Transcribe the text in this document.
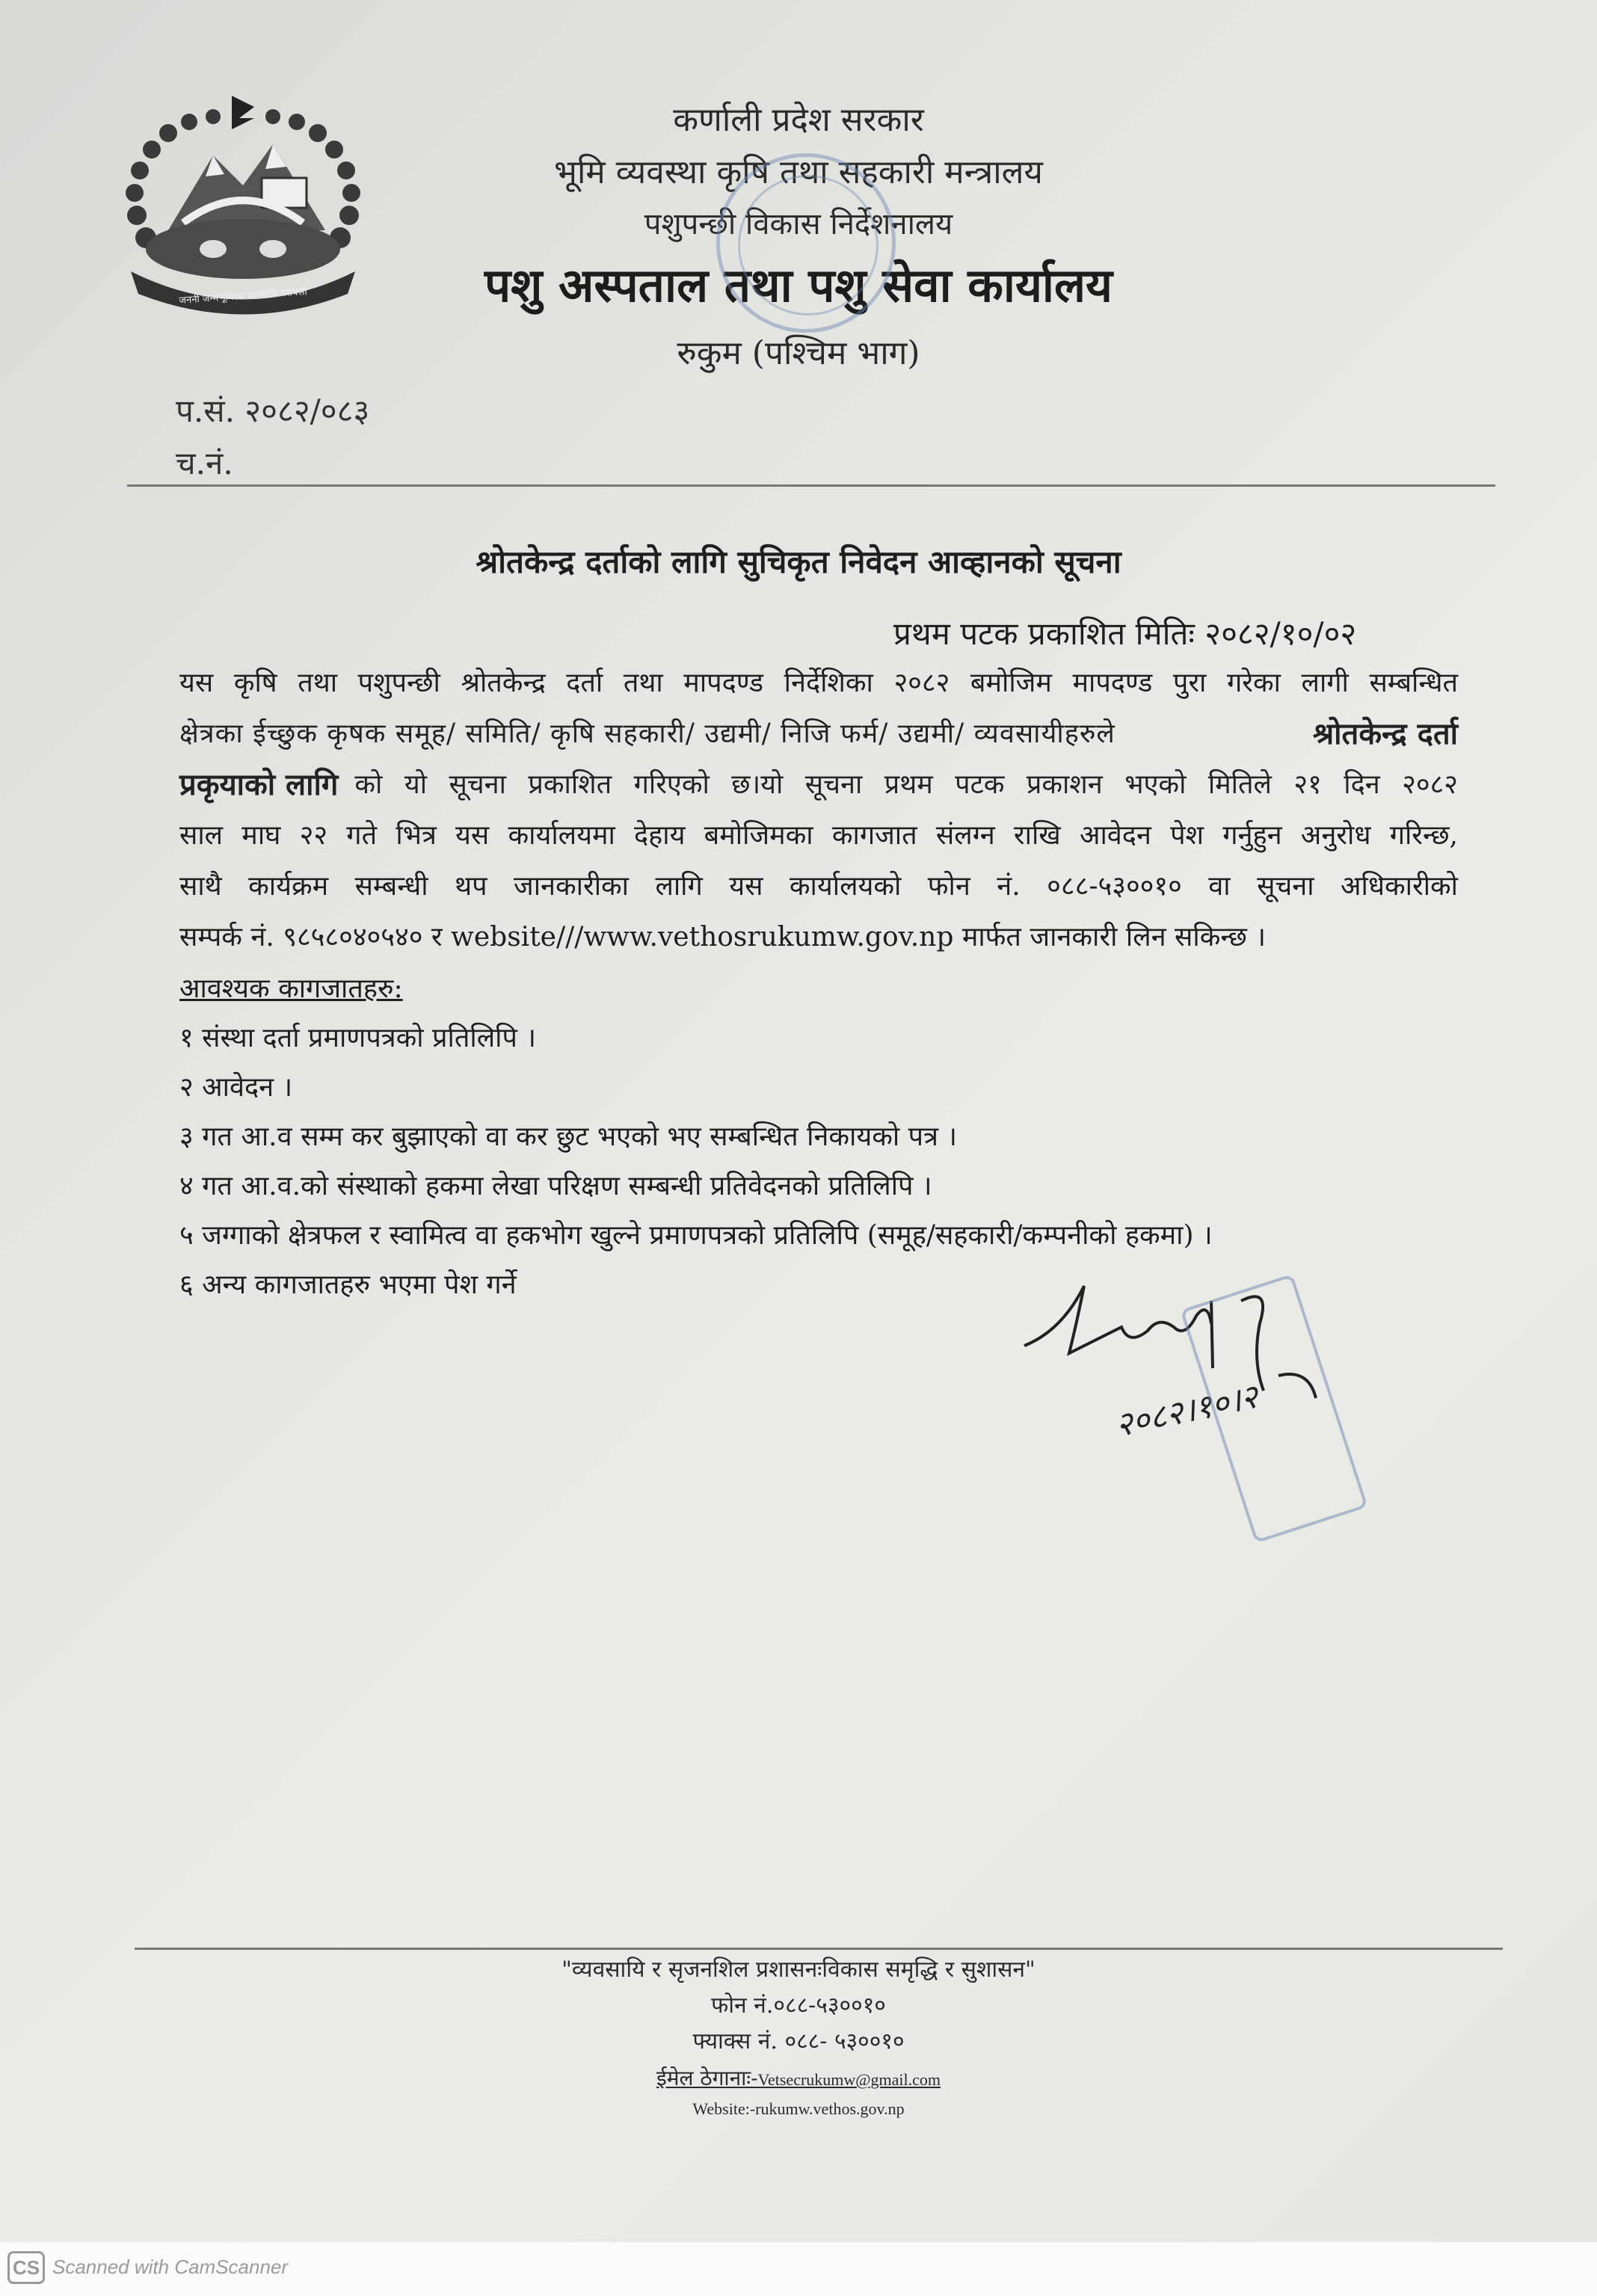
जननी जन्मभूमिश्च स्वर्गादपि गरीयसी
कर्णाली प्रदेश सरकार
भूमि व्यवस्था कृषि तथा सहकारी मन्त्रालय
पशुपन्छी विकास निर्देशनालय
पशु अस्पताल तथा पशु सेवा कार्यालय
रुकुम (पश्चिम भाग)
प.सं. २०८२/०८३
च.नं.
श्रोतकेन्द्र दर्ताको लागि सुचिकृत निवेदन आव्हानको सूचना
प्रथम पटक प्रकाशित मितिः २०८२/१०/०२
यस कृषि तथा पशुपन्छी श्रोतकेन्द्र दर्ता तथा मापदण्ड निर्देशिका २०८२ बमोजिम मापदण्ड पुरा गरेका लागी सम्बन्धित
क्षेत्रका ईच्छुक कृषक समूह/ समिति/ कृषि सहकारी/ उद्यमी/ निजि फर्म/ उद्यमी/ व्यवसायीहरुले	श्रोतकेन्द्र दर्ता
प्रकृयाको लागि को यो सूचना प्रकाशित गरिएको छ।यो सूचना प्रथम पटक प्रकाशन भएको मितिले २१ दिन २०८२
साल माघ २२ गते भित्र यस कार्यालयमा देहाय बमोजिमका कागजात संलग्न राखि आवेदन पेश गर्नुहुन अनुरोध गरिन्छ,
साथै कार्यक्रम सम्बन्धी थप जानकारीका लागि यस कार्यालयको फोन नं. ०८८-५३००१० वा सूचना अधिकारीको
सम्पर्क नं. ९८५८०४०५४० र website///www.vethosrukumw.gov.np मार्फत जानकारी लिन सकिन्छ ।
आवश्यक कागजातहरु:
१ संस्था दर्ता प्रमाणपत्रको प्रतिलिपि ।
२ आवेदन ।
३ गत आ.व सम्म कर बुझाएको वा कर छुट भएको भए सम्बन्धित निकायको पत्र ।
४ गत आ.व.को संस्थाको हकमा लेखा परिक्षण सम्बन्धी प्रतिवेदनको प्रतिलिपि ।
५ जग्गाको क्षेत्रफल र स्वामित्व वा हकभोग खुल्ने प्रमाणपत्रको प्रतिलिपि (समूह/सहकारी/कम्पनीको हकमा) ।
६ अन्य कागजातहरु भएमा पेश गर्ने
२०८२।१०।२
"व्यवसायि र सृजनशिल प्रशासनःविकास समृद्धि र सुशासन"
फोन नं.०८८-५३००१०
फ्याक्स नं. ०८८- ५३००१०
ईमेल ठेगानाः-Vetsecrukumw@gmail.com
Website:-rukumw.vethos.gov.np
CS Scanned with CamScanner
